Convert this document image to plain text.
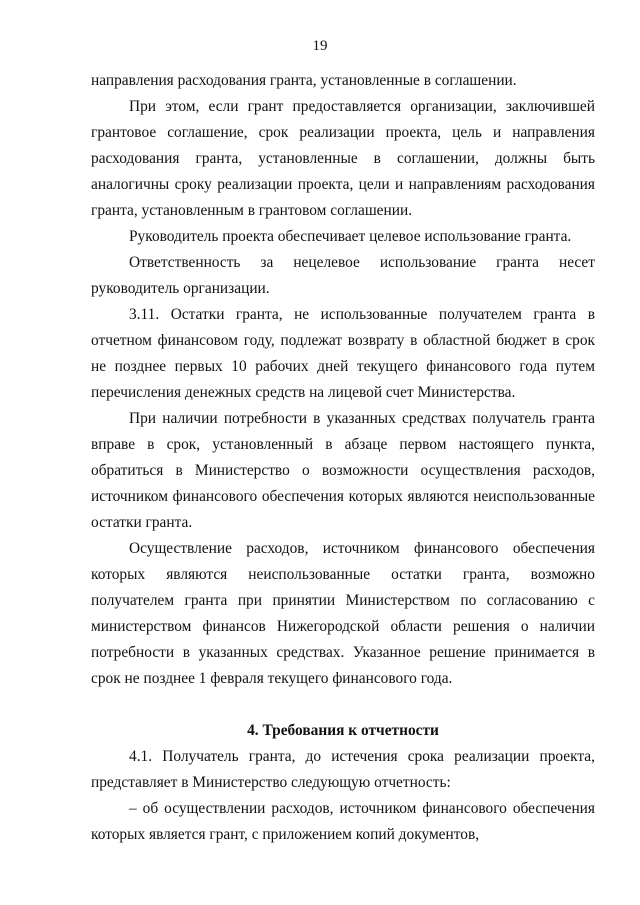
19

направления расходования гранта, установленные в соглашении.

При этом, если грант предоставляется организации, заключившей грантовое соглашение, срок реализации проекта, цель и направления расходования гранта, установленные в соглашении, должны быть аналогичны сроку реализации проекта, цели и направлениям расходования гранта, установленным в грантовом соглашении.

Руководитель проекта обеспечивает целевое использование гранта.

Ответственность за нецелевое использование гранта несет руководитель организации.

3.11. Остатки гранта, не использованные получателем гранта в отчетном финансовом году, подлежат возврату в областной бюджет в срок не позднее первых 10 рабочих дней текущего финансового года путем перечисления денежных средств на лицевой счет Министерства.

При наличии потребности в указанных средствах получатель гранта вправе в срок, установленный в абзаце первом настоящего пункта, обратиться в Министерство о возможности осуществления расходов, источником финансового обеспечения которых являются неиспользованные остатки гранта.

Осуществление расходов, источником финансового обеспечения которых являются неиспользованные остатки гранта, возможно получателем гранта при принятии Министерством по согласованию с министерством финансов Нижегородской области решения о наличии потребности в указанных средствах. Указанное решение принимается в срок не позднее 1 февраля текущего финансового года.

4. Требования к отчетности

4.1. Получатель гранта, до истечения срока реализации проекта, представляет в Министерство следующую отчетность:

– об осуществлении расходов, источником финансового обеспечения которых является грант, с приложением копий документов,
